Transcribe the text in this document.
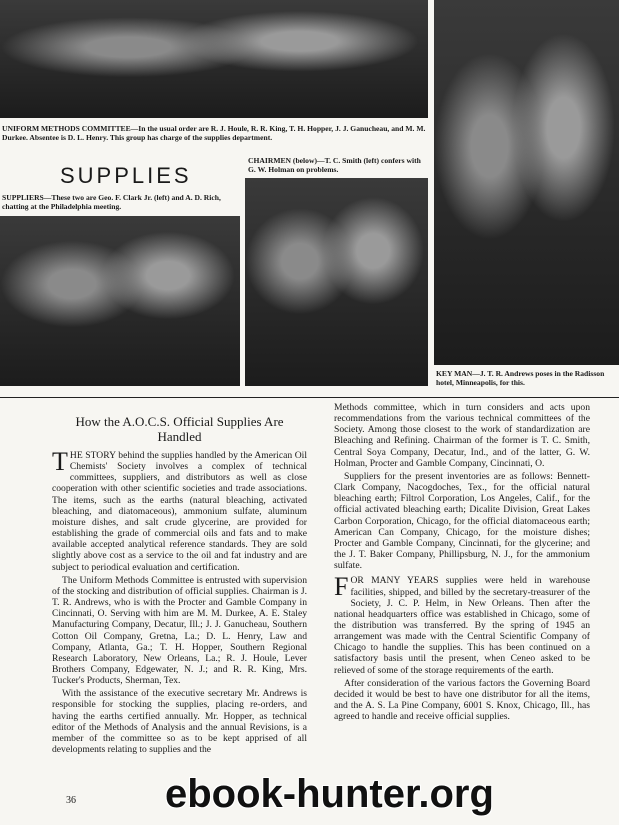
UNIFORM METHODS COMMITTEE—In the usual order are R. J. Houle, R. R. King, T. H. Hopper, J. J. Ganucheau, and M. M. Durkee. Absentee is D. L. Henry. This group has charge of the supplies department.
SUPPLIES
CHAIRMEN (below)—T. C. Smith (left) confers with G. W. Holman on problems.
SUPPLIERS—These two are Geo. F. Clark Jr. (left) and A. D. Rich, chatting at the Philadelphia meeting.
KEY MAN—J. T. R. Andrews poses in the Radisson hotel, Minneapolis, for this.
How the A.O.C.S. Official Supplies Are Handled

THE STORY behind the supplies handled by the American Oil Chemists' Society involves a complex of technical committees, suppliers, and distributors as well as close cooperation with other scientific societies and trade associations. The items, such as the earths (natural bleaching, activated bleaching, and diatomaceous), ammonium sulfate, aluminum moisture dishes, and salt crude glycerine, are provided for establishing the grade of commercial oils and fats and to make available accepted analytical reference standards. They are sold slightly above cost as a service to the oil and fat industry and are subject to periodical evaluation and certification.

The Uniform Methods Committee is entrusted with supervision of the stocking and distribution of official supplies. Chairman is J. T. R. Andrews, who is with the Procter and Gamble Company in Cincinnati, O. Serving with him are M. M. Durkee, A. E. Staley Manufacturing Company, Decatur, Ill.; J. J. Ganucheau, Southern Cotton Oil Company, Gretna, La.; D. L. Henry, Law and Company, Atlanta, Ga.; T. H. Hopper, Southern Regional Research Laboratory, New Orleans, La.; R. J. Houle, Lever Brothers Company, Edgewater, N. J.; and R. R. King, Mrs. Tucker's Products, Sherman, Tex.

With the assistance of the executive secretary Mr. Andrews is responsible for stocking the supplies, placing re-orders, and having the earths certified annually. Mr. Hopper, as technical editor of the Methods of Analysis and the annual Revisions, is a member of the committee so as to be kept apprised of all developments relating to supplies and the

Methods committee, which in turn considers and acts upon recommendations from the various technical committees of the Society. Among those closest to the work of standardization are Bleaching and Refining. Chairman of the former is T. C. Smith, Central Soya Company, Decatur, Ind., and of the latter, G. W. Holman, Procter and Gamble Company, Cincinnati, O.

Suppliers for the present inventories are as follows: Bennett-Clark Company, Nacogdoches, Tex., for the official natural bleaching earth; Filtrol Corporation, Los Angeles, Calif., for the official activated bleaching earth; Dicalite Division, Great Lakes Carbon Corporation, Chicago, for the official diatomaceous earth; American Can Company, Chicago, for the moisture dishes; Procter and Gamble Company, Cincinnati, for the glycerine; and the J. T. Baker Company, Phillipsburg, N. J., for the ammonium sulfate.

FOR MANY YEARS supplies were held in warehouse facilities, shipped, and billed by the secretary-treasurer of the Society, J. C. P. Helm, in New Orleans. Then after the national headquarters office was established in Chicago, some of the distribution was transferred. By the spring of 1945 an arrangement was made with the Central Scientific Company of Chicago to handle the supplies. This has been continued on a satisfactory basis until the present, when Ceneo asked to be relieved of some of the storage requirements of the earth.

After consideration of the various factors the Governing Board decided it would be best to have one distributor for all the items, and the A. S. La Pine Company, 6001 S. Knox, Chicago, Ill., has agreed to handle and receive official supplies.

36 ebook-hunter.org
